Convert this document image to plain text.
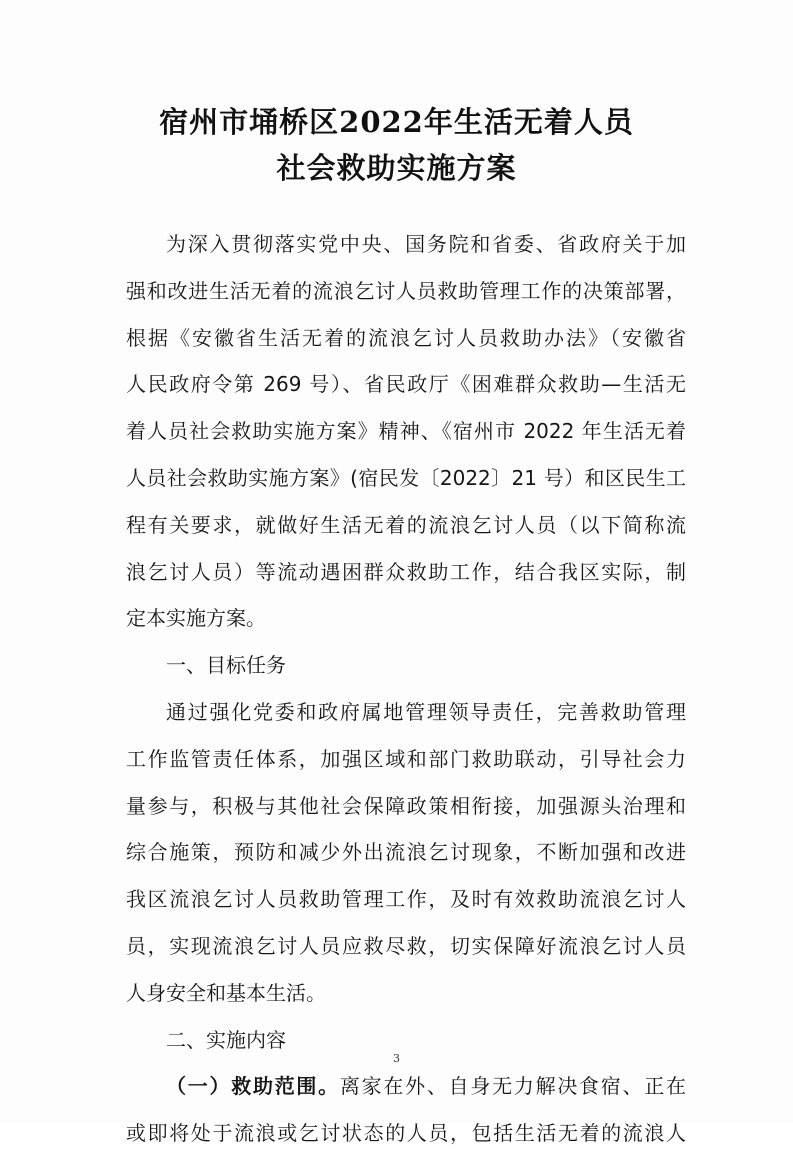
宿州市埇桥区2022年生活无着人员
社会救助实施方案
为深入贯彻落实党中央、国务院和省委、省政府关于加
强和改进生活无着的流浪乞讨人员救助管理工作的决策部署，
根据《安徽省生活无着的流浪乞讨人员救助办法》（安徽省
人民政府令第 269 号）、省民政厅《困难群众救助—生活无
着人员社会救助实施方案》精神、《宿州市 2022 年生活无着
人员社会救助实施方案》(宿民发〔2022〕21 号）和区民生工
程有关要求，就做好生活无着的流浪乞讨人员（以下简称流
浪乞讨人员）等流动遇困群众救助工作，结合我区实际，制
定本实施方案。
一、目标任务
通过强化党委和政府属地管理领导责任，完善救助管理
工作监管责任体系，加强区域和部门救助联动，引导社会力
量参与，积极与其他社会保障政策相衔接，加强源头治理和
综合施策，预防和减少外出流浪乞讨现象，不断加强和改进
我区流浪乞讨人员救助管理工作，及时有效救助流浪乞讨人
员，实现流浪乞讨人员应救尽救，切实保障好流浪乞讨人员
人身安全和基本生活。
二、实施内容
（一）救助范围。离家在外、自身无力解决食宿、正在
或即将处于流浪或乞讨状态的人员，包括生活无着的流浪人
3
